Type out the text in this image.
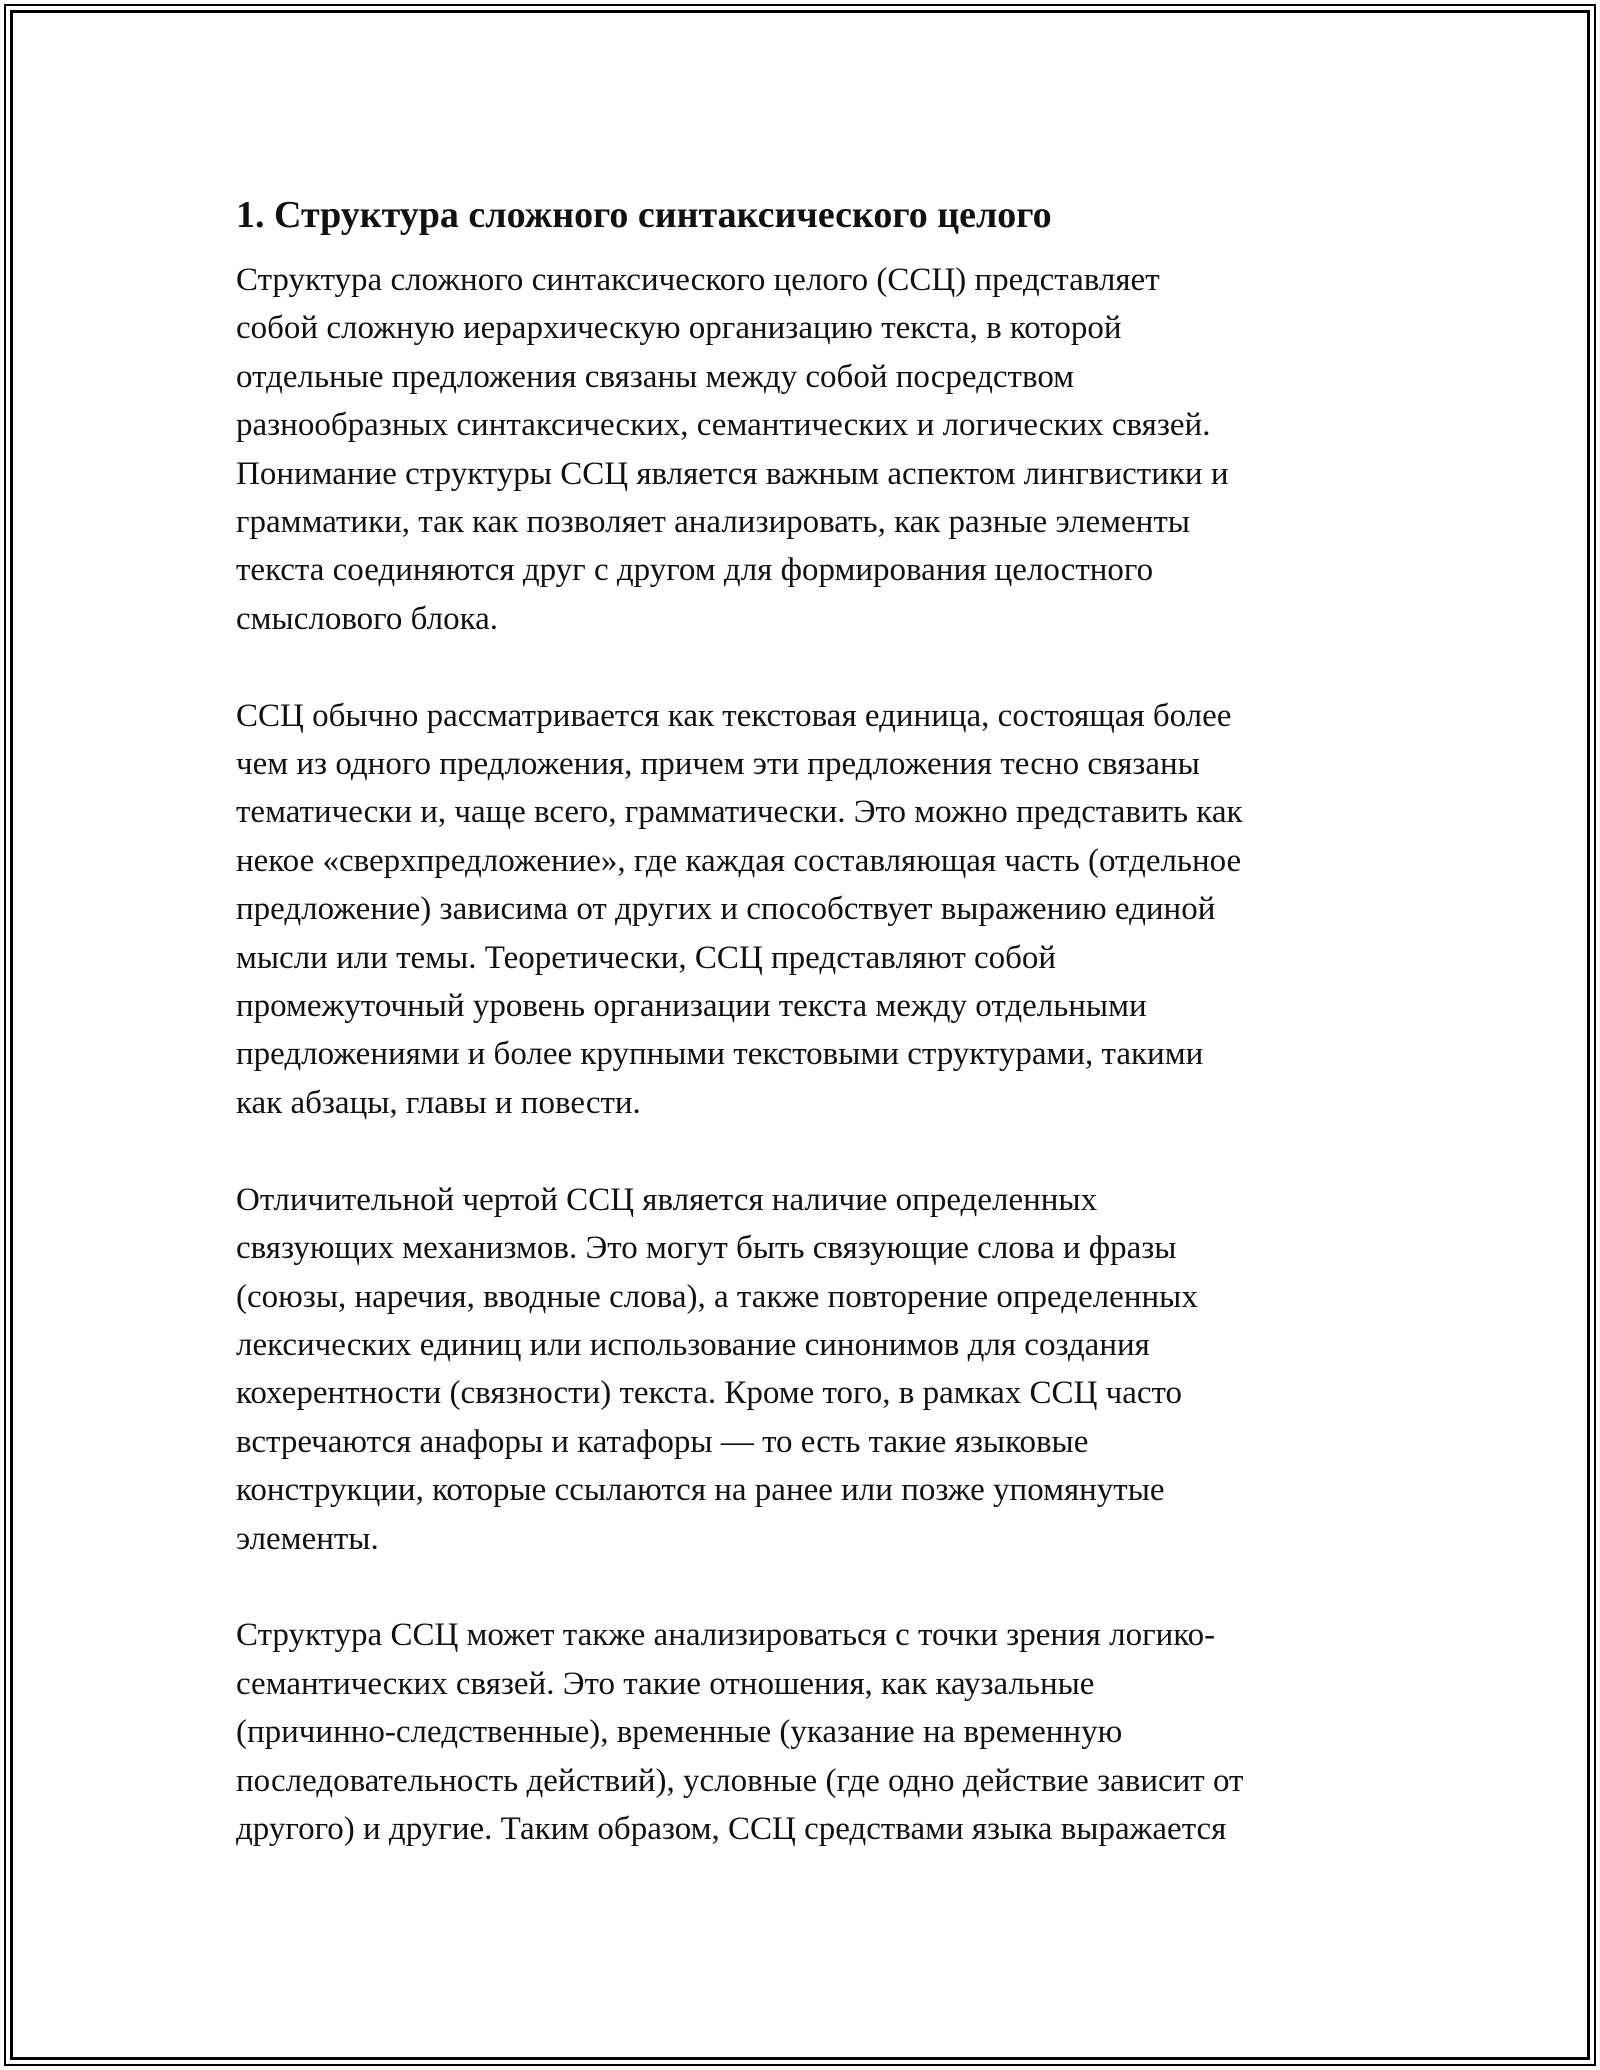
1. Структура сложного синтаксического целого
Структура сложного синтаксического целого (ССЦ) представляет
собой сложную иерархическую организацию текста, в которой
отдельные предложения связаны между собой посредством
разнообразных синтаксических, семантических и логических связей.
Понимание структуры ССЦ является важным аспектом лингвистики и
грамматики, так как позволяет анализировать, как разные элементы
текста соединяются друг с другом для формирования целостного
смыслового блока.
ССЦ обычно рассматривается как текстовая единица, состоящая более
чем из одного предложения, причем эти предложения тесно связаны
тематически и, чаще всего, грамматически. Это можно представить как
некое «сверхпредложение», где каждая составляющая часть (отдельное
предложение) зависима от других и способствует выражению единой
мысли или темы. Теоретически, ССЦ представляют собой
промежуточный уровень организации текста между отдельными
предложениями и более крупными текстовыми структурами, такими
как абзацы, главы и повести.
Отличительной чертой ССЦ является наличие определенных
связующих механизмов. Это могут быть связующие слова и фразы
(союзы, наречия, вводные слова), а также повторение определенных
лексических единиц или использование синонимов для создания
кохерентности (связности) текста. Кроме того, в рамках ССЦ часто
встречаются анафоры и катафоры — то есть такие языковые
конструкции, которые ссылаются на ранее или позже упомянутые
элементы.
Структура ССЦ может также анализироваться с точки зрения логико-
семантических связей. Это такие отношения, как каузальные
(причинно-следственные), временные (указание на временную
последовательность действий), условные (где одно действие зависит от
другого) и другие. Таким образом, ССЦ средствами языка выражается
